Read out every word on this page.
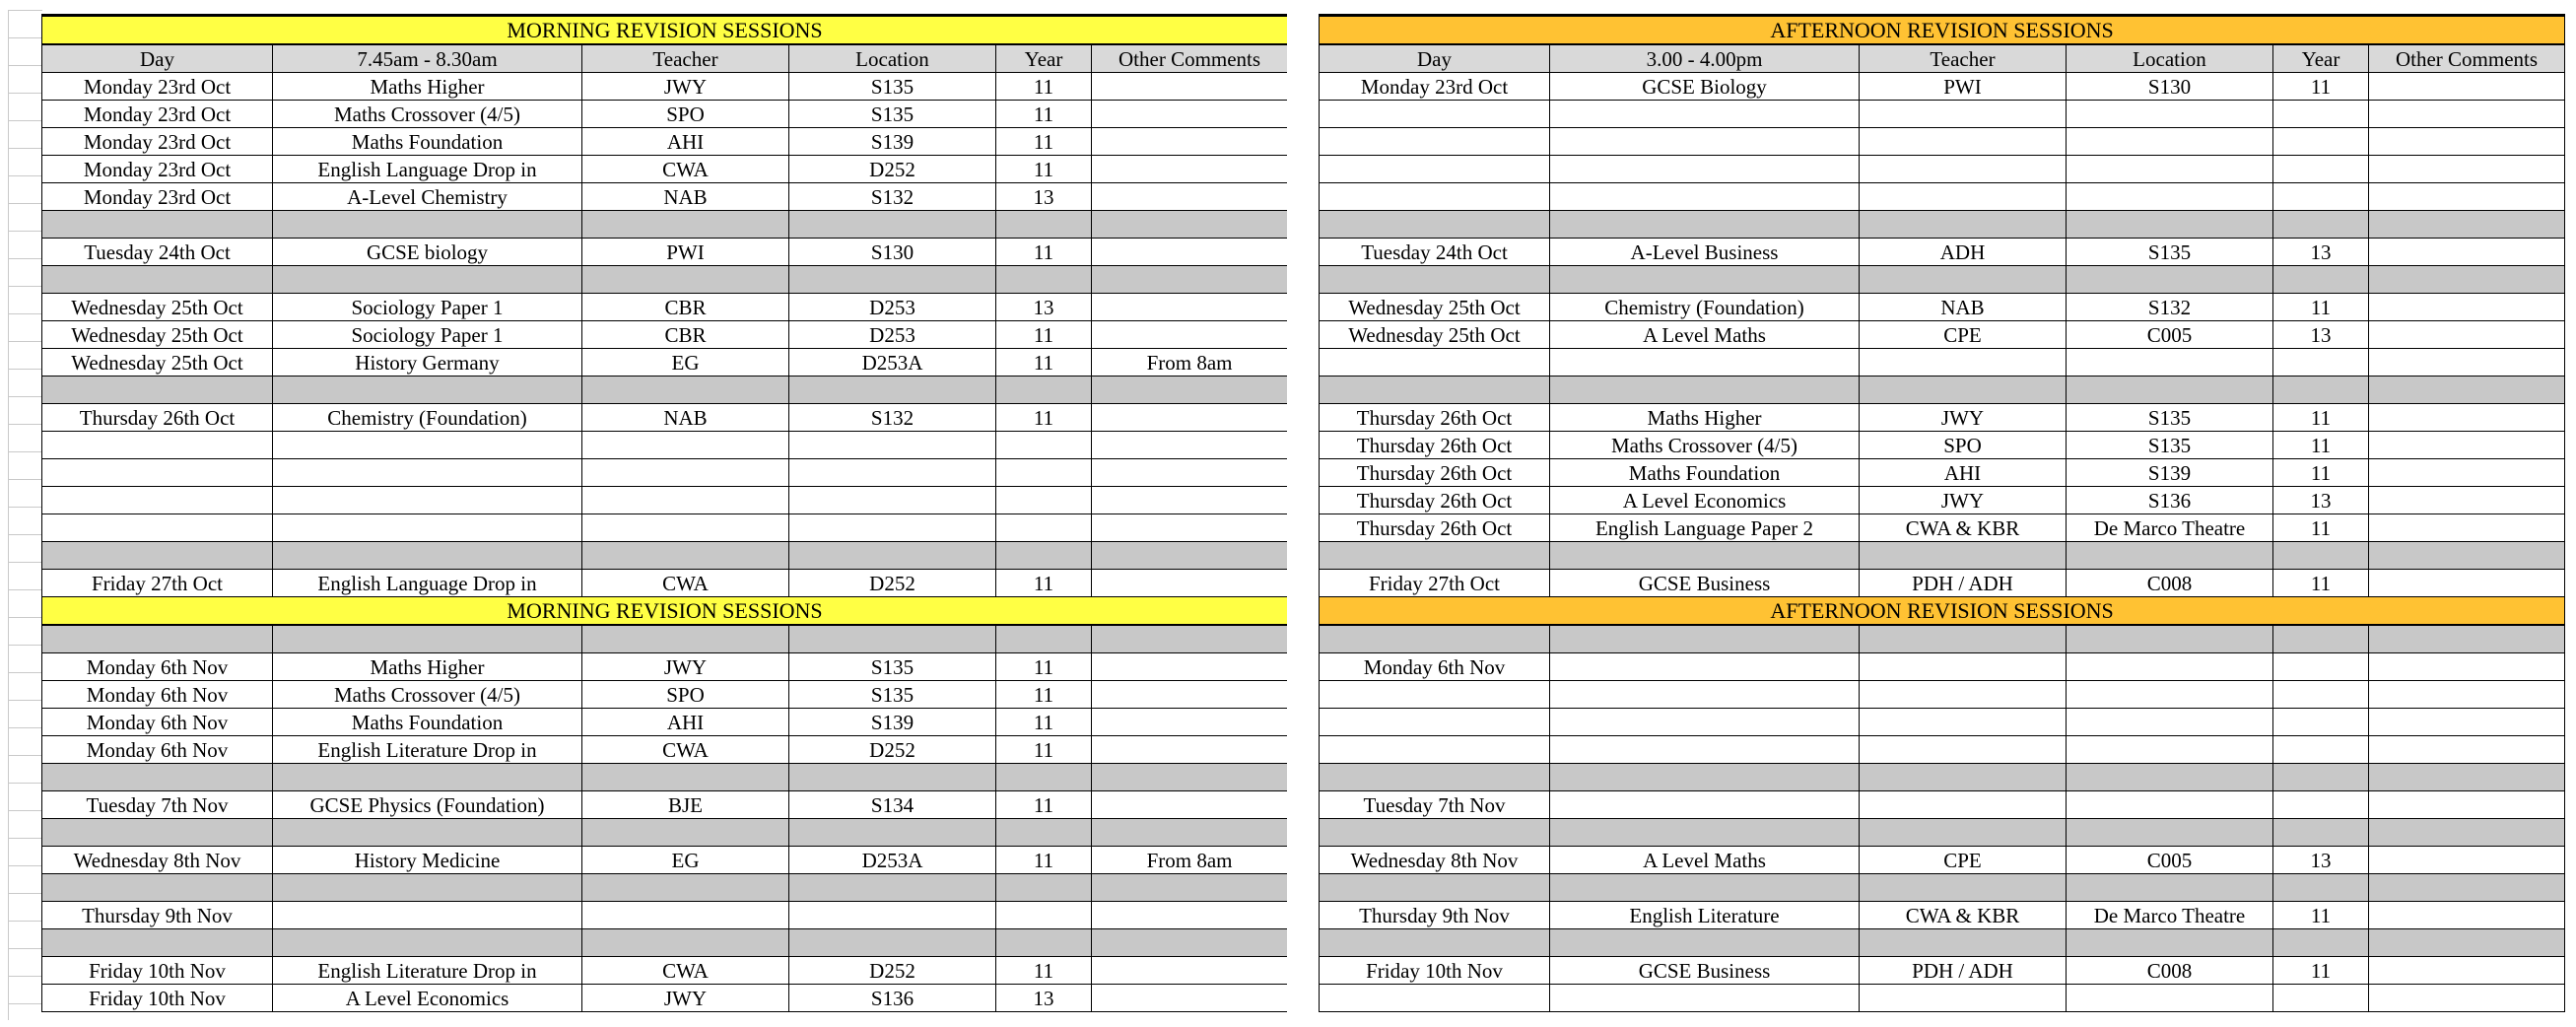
MORNING REVISION SESSIONS					
Day	7.45am - 8.30am	Teacher	Location	Year	Other Comments
Monday 23rd Oct	Maths Higher	JWY	S135	11	
Monday 23rd Oct	Maths Crossover (4/5)	SPO	S135	11	
Monday 23rd Oct	Maths Foundation	AHI	S139	11	
Monday 23rd Oct	English Language Drop in	CWA	D252	11	
Monday 23rd Oct	A-Level Chemistry	NAB	S132	13	

Tuesday 24th Oct	GCSE biology	PWI	S130	11	

Wednesday 25th Oct	Sociology Paper 1	CBR	D253	13	
Wednesday 25th Oct	Sociology Paper 1	CBR	D253	11	
Wednesday 25th Oct	History Germany	EG	D253A	11	From 8am

Thursday 26th Oct	Chemistry (Foundation)	NAB	S132	11	

Friday 27th Oct	English Language Drop in	CWA	D252	11	
MORNING REVISION SESSIONS					

Monday 6th Nov	Maths Higher	JWY	S135	11	
Monday 6th Nov	Maths Crossover (4/5)	SPO	S135	11	
Monday 6th Nov	Maths Foundation	AHI	S139	11	
Monday 6th Nov	English Literature Drop in	CWA	D252	11	

Tuesday 7th Nov	GCSE Physics (Foundation)	BJE	S134	11	

Wednesday 8th Nov	History Medicine	EG	D253A	11	From 8am

Thursday 9th Nov					

Friday 10th Nov	English Literature Drop in	CWA	D252	11	
Friday 10th Nov	A Level Economics	JWY	S136	13	
AFTERNOON REVISION SESSIONS					
Day	3.00 - 4.00pm	Teacher	Location	Year	Other Comments
Monday 23rd Oct	GCSE Biology	PWI	S130	11	

Tuesday 24th Oct	A-Level Business	ADH	S135	13	

Wednesday 25th Oct	Chemistry (Foundation)	NAB	S132	11	
Wednesday 25th Oct	A Level Maths	CPE	C005	13	

Thursday 26th Oct	Maths Higher	JWY	S135	11	
Thursday 26th Oct	Maths Crossover (4/5)	SPO	S135	11	
Thursday 26th Oct	Maths Foundation	AHI	S139	11	
Thursday 26th Oct	A Level Economics	JWY	S136	13	
Thursday 26th Oct	English Language Paper 2	CWA & KBR	De Marco Theatre	11	

Friday 27th Oct	GCSE Business	PDH / ADH	C008	11	
AFTERNOON REVISION SESSIONS					

Monday 6th Nov					

Tuesday 7th Nov					

Wednesday 8th Nov	A Level Maths	CPE	C005	13	

Thursday 9th Nov	English Literature	CWA & KBR	De Marco Theatre	11	

Friday 10th Nov	GCSE Business	PDH / ADH	C008	11	
